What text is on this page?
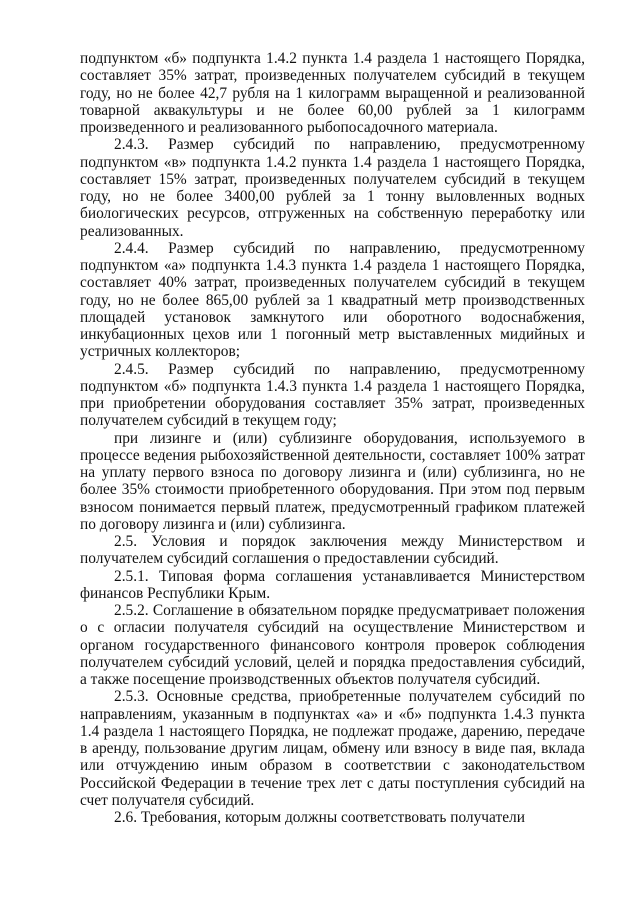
подпунктом «б» подпункта 1.4.2 пункта 1.4 раздела 1 настоящего Порядка, составляет 35% затрат, произведенных получателем субсидий в текущем году, но не более 42,7 рубля на 1 килограмм выращенной и реализованной товарной аквакультуры и не более 60,00 рублей за 1 килограмм произведенного и реализованного рыбопосадочного материала.

2.4.3. Размер субсидий по направлению, предусмотренному подпунктом «в» подпункта 1.4.2 пункта 1.4 раздела 1 настоящего Порядка, составляет 15% затрат, произведенных получателем субсидий в текущем году, но не более 3400,00 рублей за 1 тонну выловленных водных биологических ресурсов, отгруженных на собственную переработку или реализованных.

2.4.4. Размер субсидий по направлению, предусмотренному подпунктом «а» подпункта 1.4.3 пункта 1.4 раздела 1 настоящего Порядка, составляет 40% затрат, произведенных получателем субсидий в текущем году, но не более 865,00 рублей за 1 квадратный метр производственных площадей установок замкнутого или оборотного водоснабжения, инкубационных цехов или 1 погонный метр выставленных мидийных и устричных коллекторов;

2.4.5. Размер субсидий по направлению, предусмотренному подпунктом «б» подпункта 1.4.3 пункта 1.4 раздела 1 настоящего Порядка, при приобретении оборудования составляет 35% затрат, произведенных получателем субсидий в текущем году;

при лизинге и (или) сублизинге оборудования, используемого в процессе ведения рыбохозяйственной деятельности, составляет 100% затрат на уплату первого взноса по договору лизинга и (или) сублизинга, но не более 35% стоимости приобретенного оборудования. При этом под первым взносом понимается первый платеж, предусмотренный графиком платежей по договору лизинга и (или) сублизинга.

2.5. Условия и порядок заключения между Министерством и получателем субсидий соглашения о предоставлении субсидий.

2.5.1. Типовая форма соглашения устанавливается Министерством финансов Республики Крым.

2.5.2. Соглашение в обязательном порядке предусматривает положения о с огласии получателя субсидий на осуществление Министерством и органом государственного финансового контроля проверок соблюдения получателем субсидий условий, целей и порядка предоставления субсидий, а также посещение производственных объектов получателя субсидий.

2.5.3. Основные средства, приобретенные получателем субсидий по направлениям, указанным в подпунктах «а» и «б» подпункта 1.4.3 пункта 1.4 раздела 1 настоящего Порядка, не подлежат продаже, дарению, передаче в аренду, пользование другим лицам, обмену или взносу в виде пая, вклада или отчуждению иным образом в соответствии с законодательством Российской Федерации в течение трех лет с даты поступления субсидий на счет получателя субсидий.

2.6. Требования, которым должны соответствовать получатели
